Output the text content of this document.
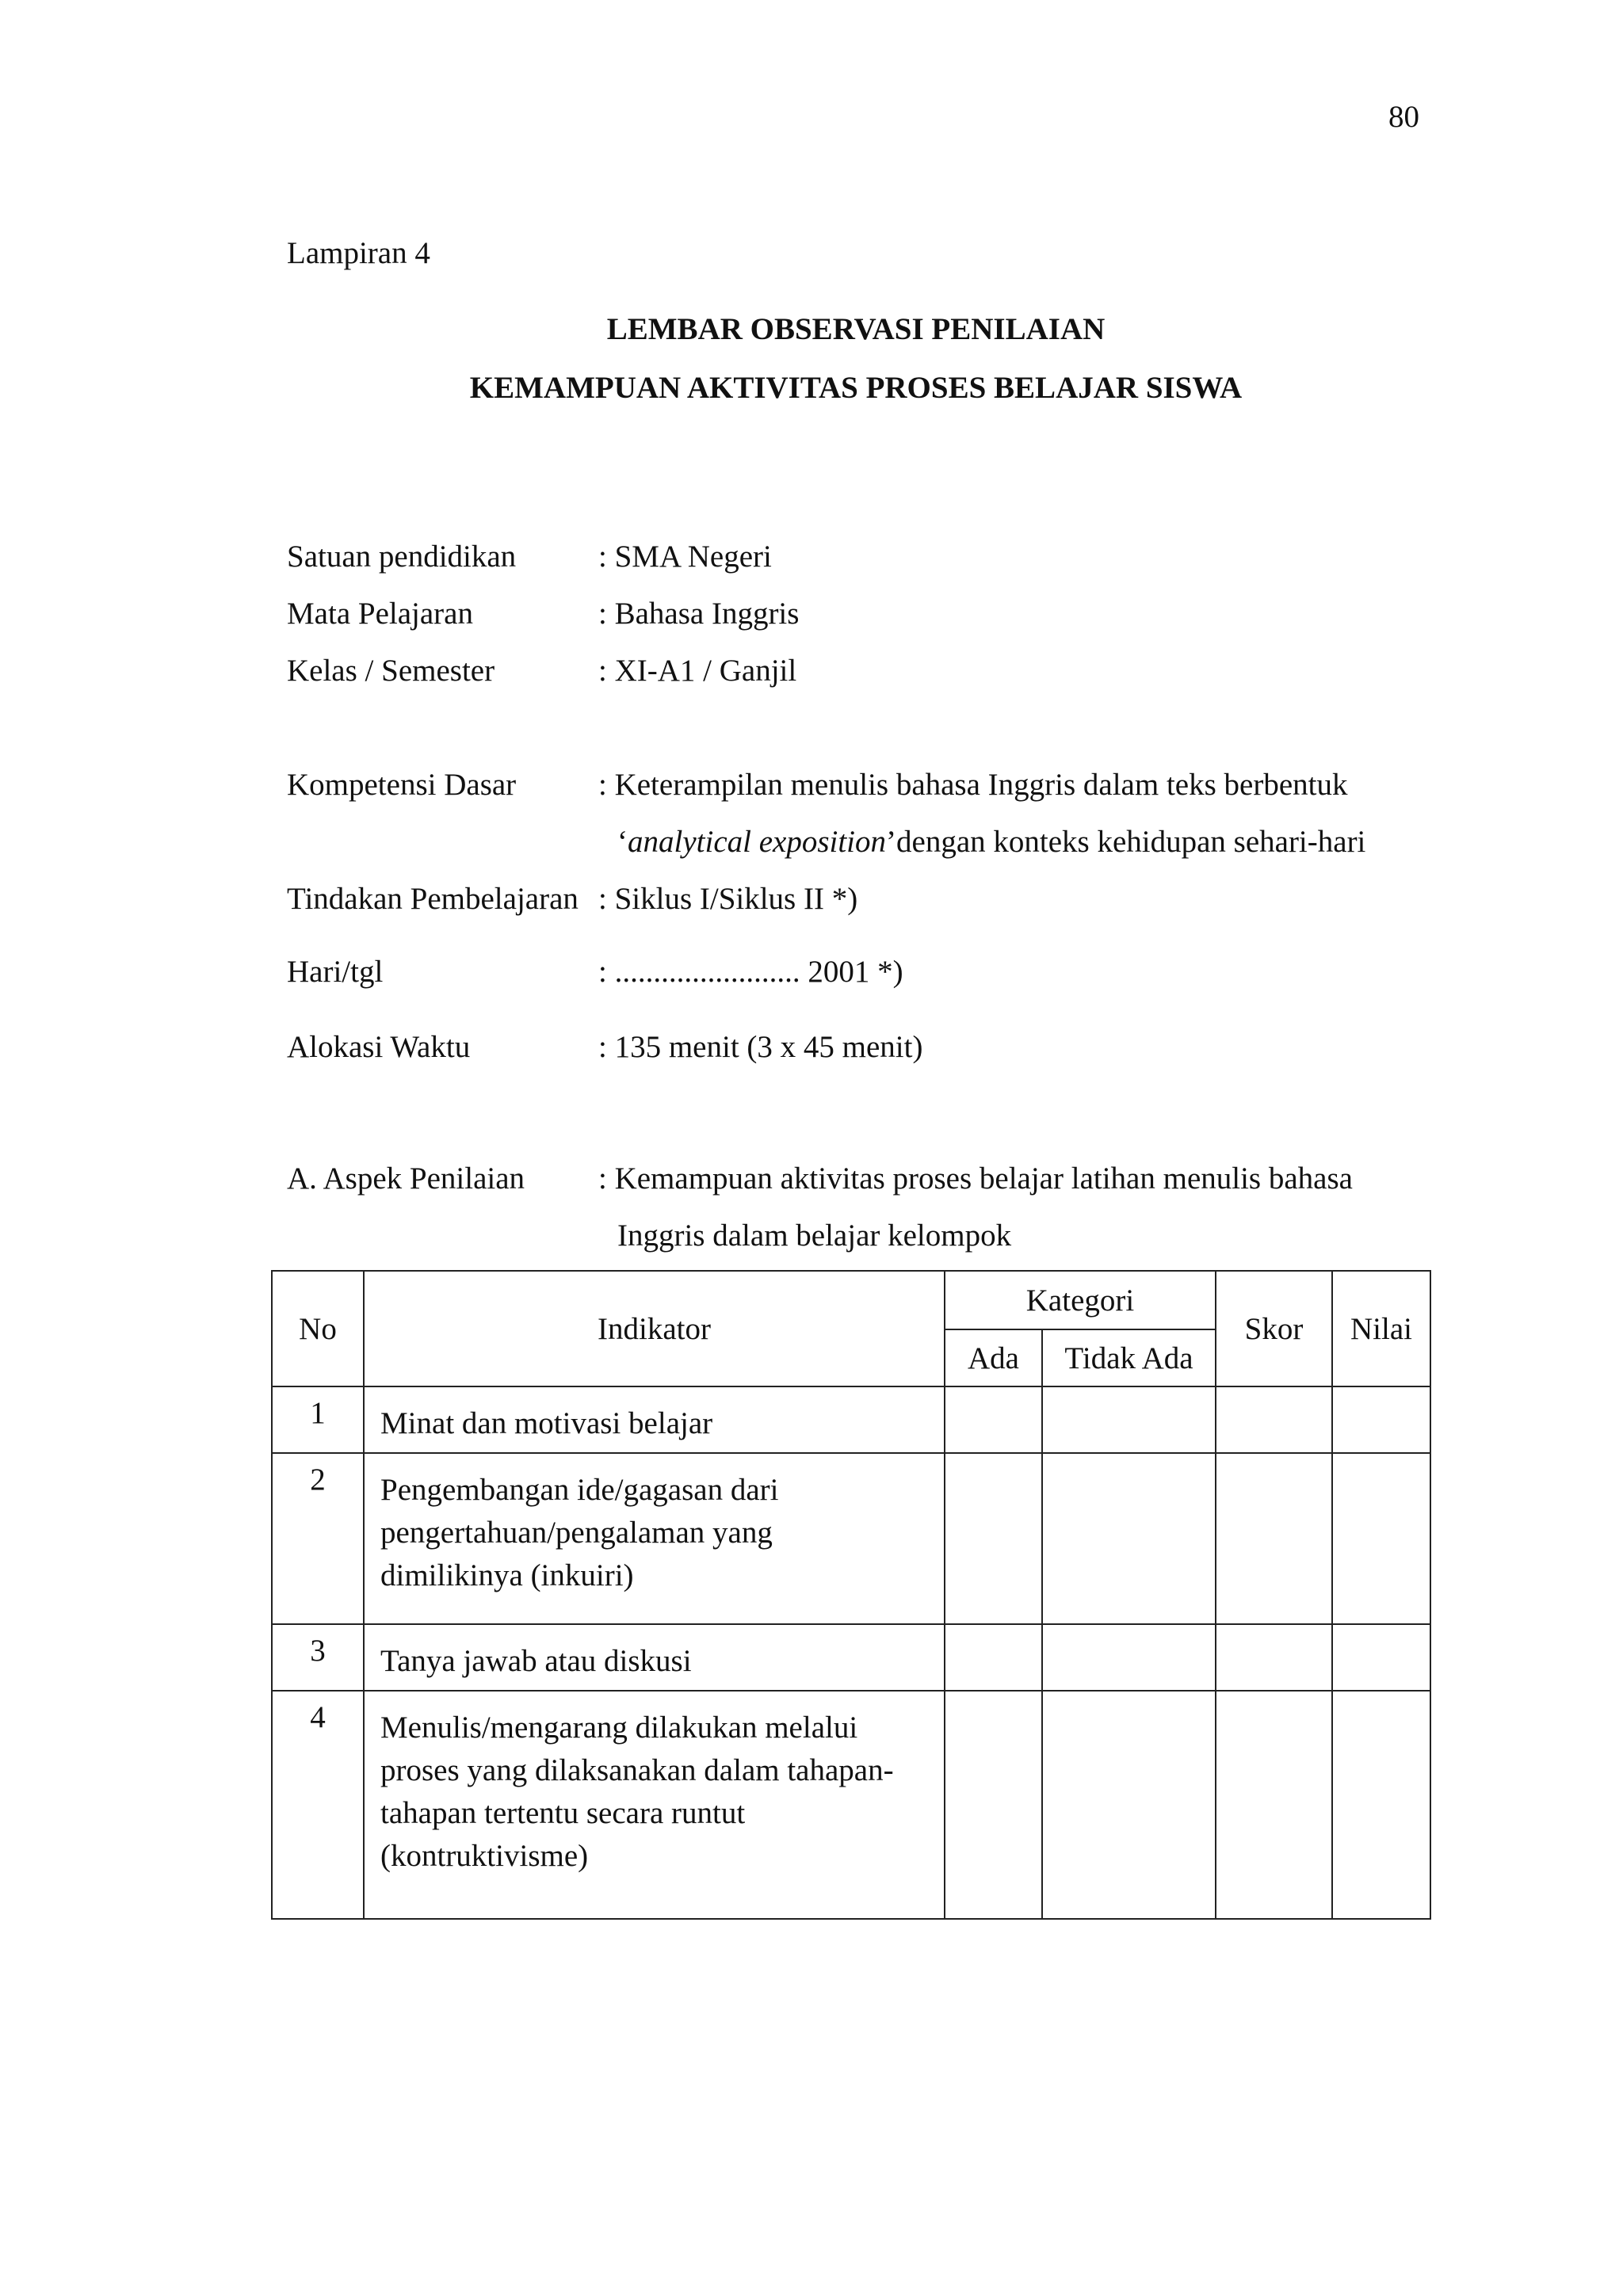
80
Lampiran 4
LEMBAR OBSERVASI PENILAIAN
KEMAMPUAN AKTIVITAS PROSES BELAJAR SISWA
Satuan pendidikan	: SMA Negeri
Mata Pelajaran	: Bahasa Inggris
Kelas / Semester	: XI-A1 / Ganjil
Kompetensi Dasar	: Keterampilan menulis bahasa Inggris dalam teks berbentuk
‘analytical exposition’dengan konteks kehidupan sehari-hari
Tindakan Pembelajaran : Siklus I/Siklus II *)
Hari/tgl	: ........................ 2001 *)
Alokasi Waktu	: 135 menit (3 x 45 menit)
A. Aspek Penilaian : Kemampuan aktivitas proses belajar latihan menulis bahasa
Inggris dalam belajar kelompok
No	Indikator	Kategori		Skor	Nilai
		Ada	Tidak Ada		
1	Minat dan motivasi belajar				

2	Pengembangan ide/gagasan dari
pengertahuan/pengalaman yang
dimilikinya (inkuiri)				

3	Tanya jawab atau diskusi				

4	Menulis/mengarang dilakukan melalui
proses yang dilaksanakan dalam tahapan-
tahapan tertentu secara runtut
(kontruktivisme)				
